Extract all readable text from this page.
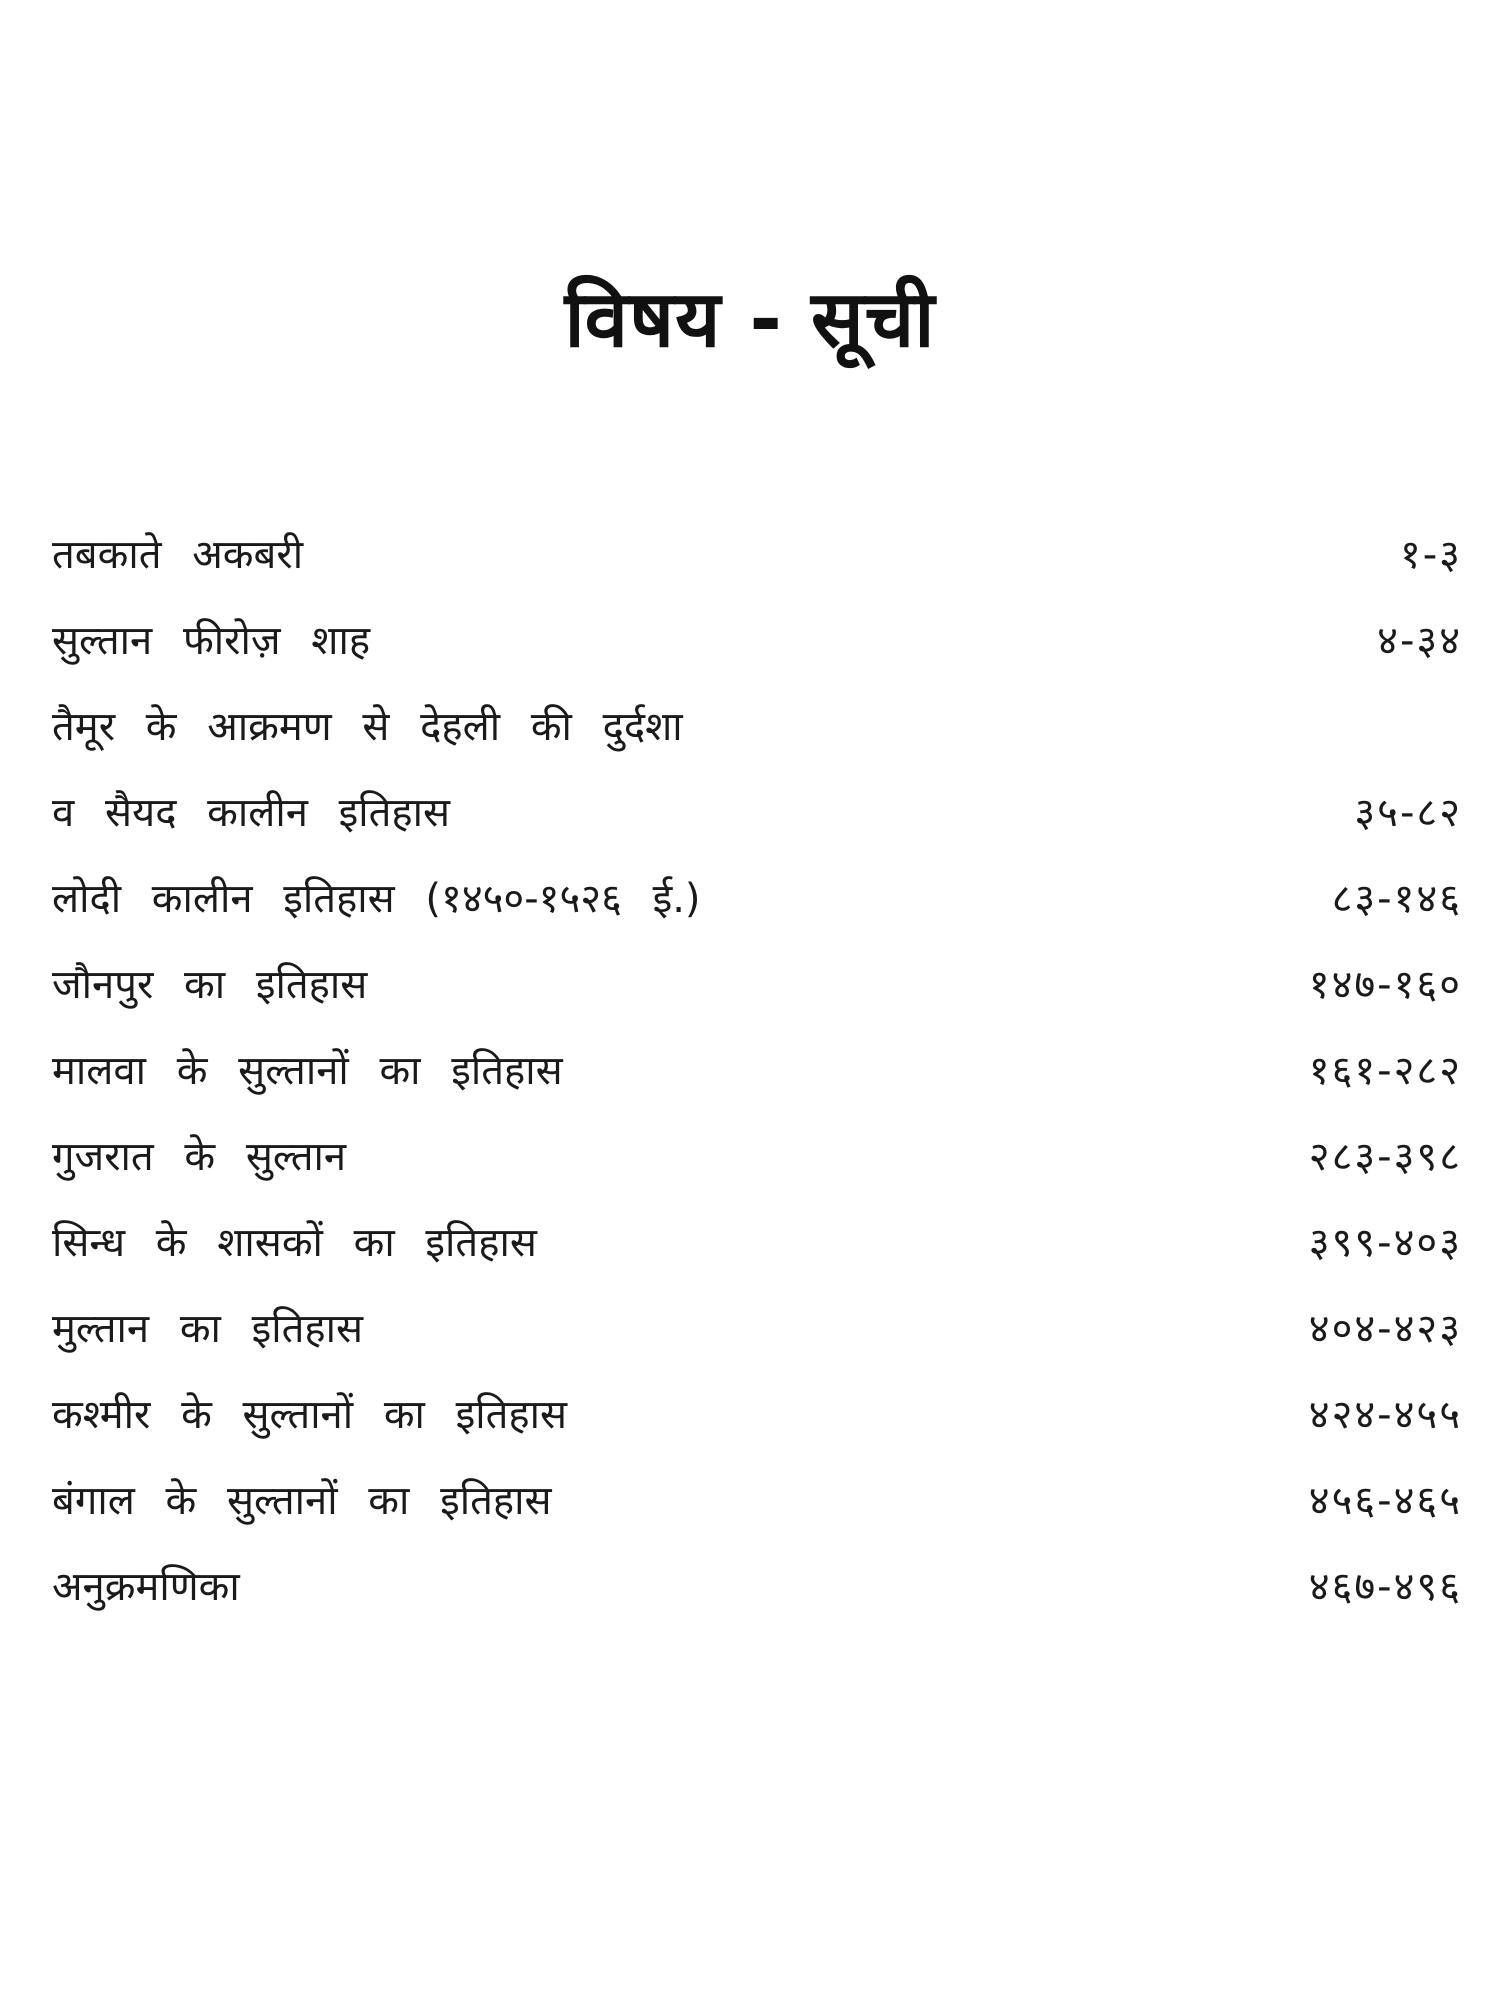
विषय - सूची
तबकाते अकबरी	१-३
सुल्तान फीरोज़ शाह	४-३४
तैमूर के आक्रमण से देहली की दुर्दशा
व सैयद कालीन इतिहास	३५-८२
लोदी कालीन इतिहास (१४५०-१५२६ ई.)	८३-१४६
जौनपुर का इतिहास	१४७-१६०
मालवा के सुल्तानों का इतिहास	१६१-२८२
गुजरात के सुल्तान	२८३-३९८
सिन्ध के शासकों का इतिहास	३९९-४०३
मुल्तान का इतिहास	४०४-४२३
कश्मीर के सुल्तानों का इतिहास	४२४-४५५
बंगाल के सुल्तानों का इतिहास	४५६-४६५
अनुक्रमणिका	४६७-४९६
